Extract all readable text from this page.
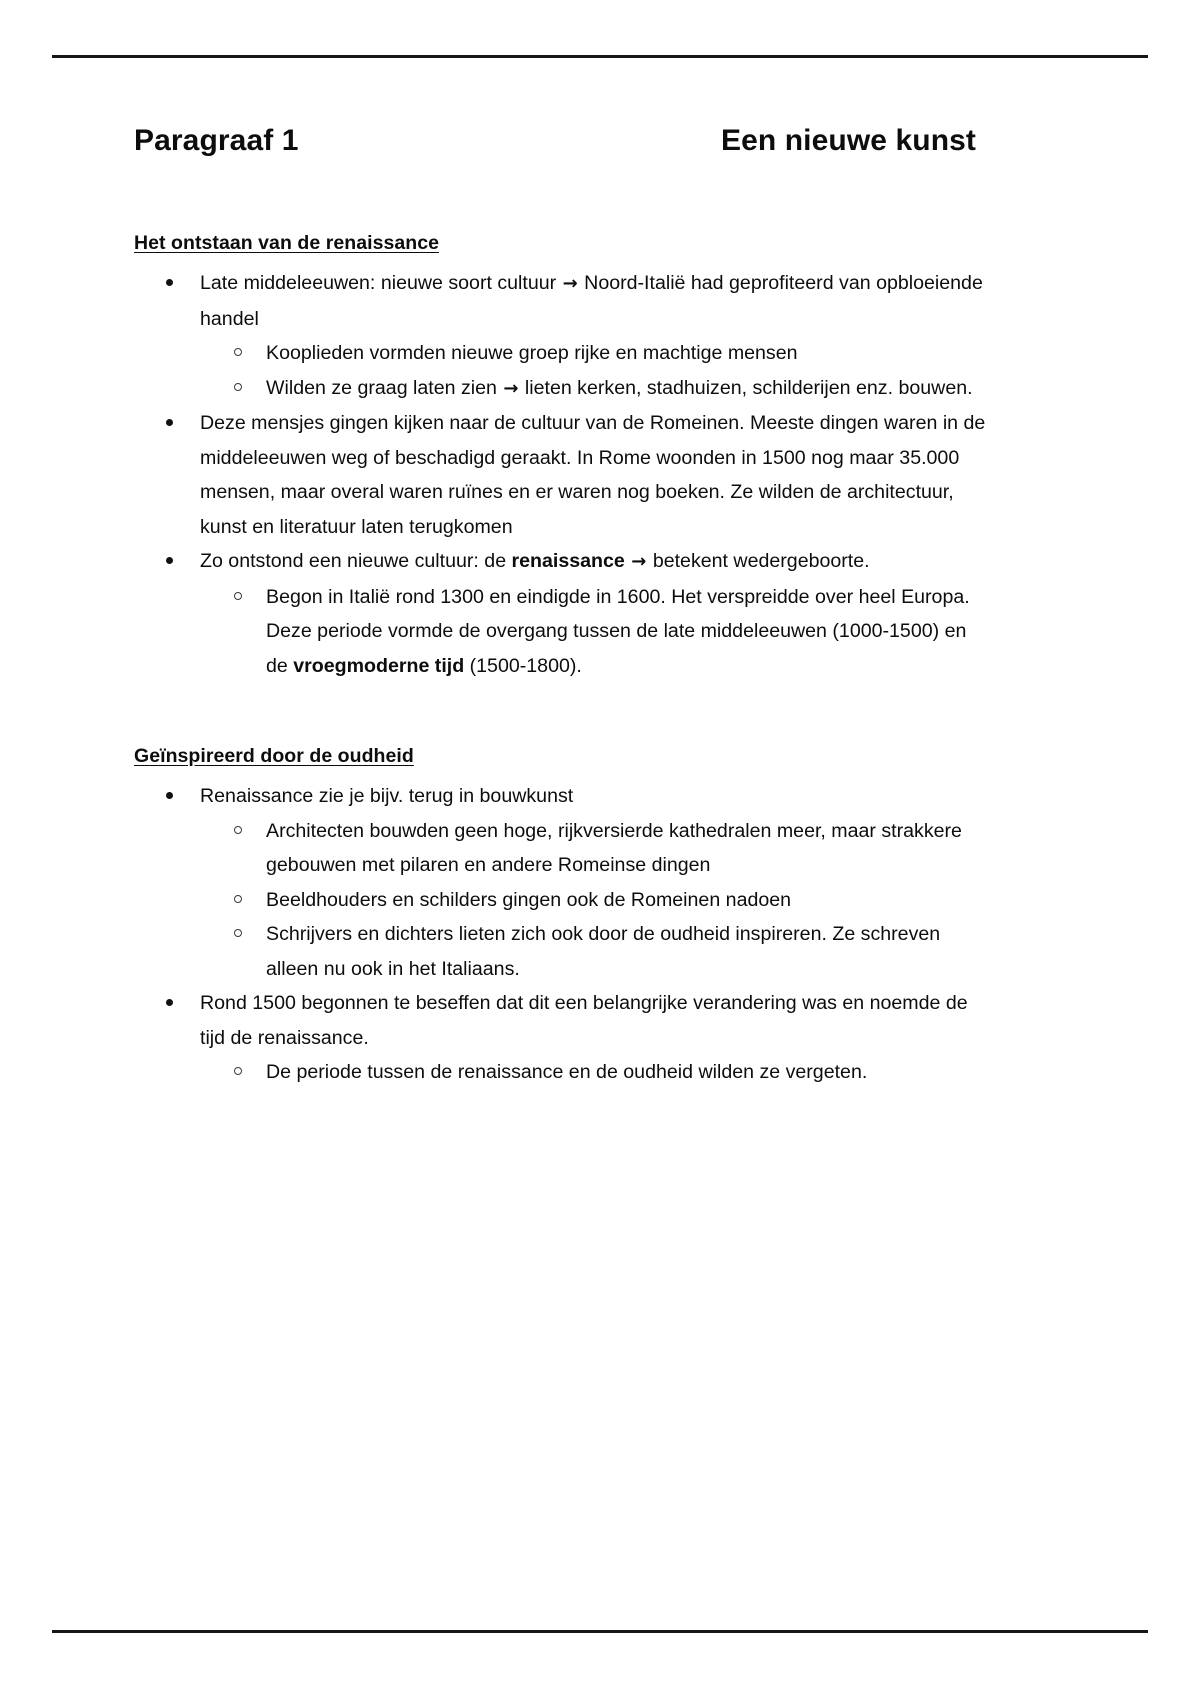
Paragraaf 1	Een nieuwe kunst
Het ontstaan van de renaissance
Late middeleeuwen: nieuwe soort cultuur → Noord-Italië had geprofiteerd van opbloeiende handel
Kooplieden vormden nieuwe groep rijke en machtige mensen
Wilden ze graag laten zien → lieten kerken, stadhuizen, schilderijen enz. bouwen.
Deze mensjes gingen kijken naar de cultuur van de Romeinen. Meeste dingen waren in de middeleeuwen weg of beschadigd geraakt. In Rome woonden in 1500 nog maar 35.000 mensen, maar overal waren ruïnes en er waren nog boeken. Ze wilden de architectuur, kunst en literatuur laten terugkomen
Zo ontstond een nieuwe cultuur: de renaissance → betekent wedergeboorte.
Begon in Italië rond 1300 en eindigde in 1600. Het verspreidde over heel Europa. Deze periode vormde de overgang tussen de late middeleeuwen (1000-1500) en de vroegmoderne tijd (1500-1800).
Geïnspireerd door de oudheid
Renaissance zie je bijv. terug in bouwkunst
Architecten bouwden geen hoge, rijkversierde kathedralen meer, maar strakkere gebouwen met pilaren en andere Romeinse dingen
Beeldhouders en schilders gingen ook de Romeinen nadoen
Schrijvers en dichters lieten zich ook door de oudheid inspireren. Ze schreven alleen nu ook in het Italiaans.
Rond 1500 begonnen te beseffen dat dit een belangrijke verandering was en noemde de tijd de renaissance.
De periode tussen de renaissance en de oudheid wilden ze vergeten.
